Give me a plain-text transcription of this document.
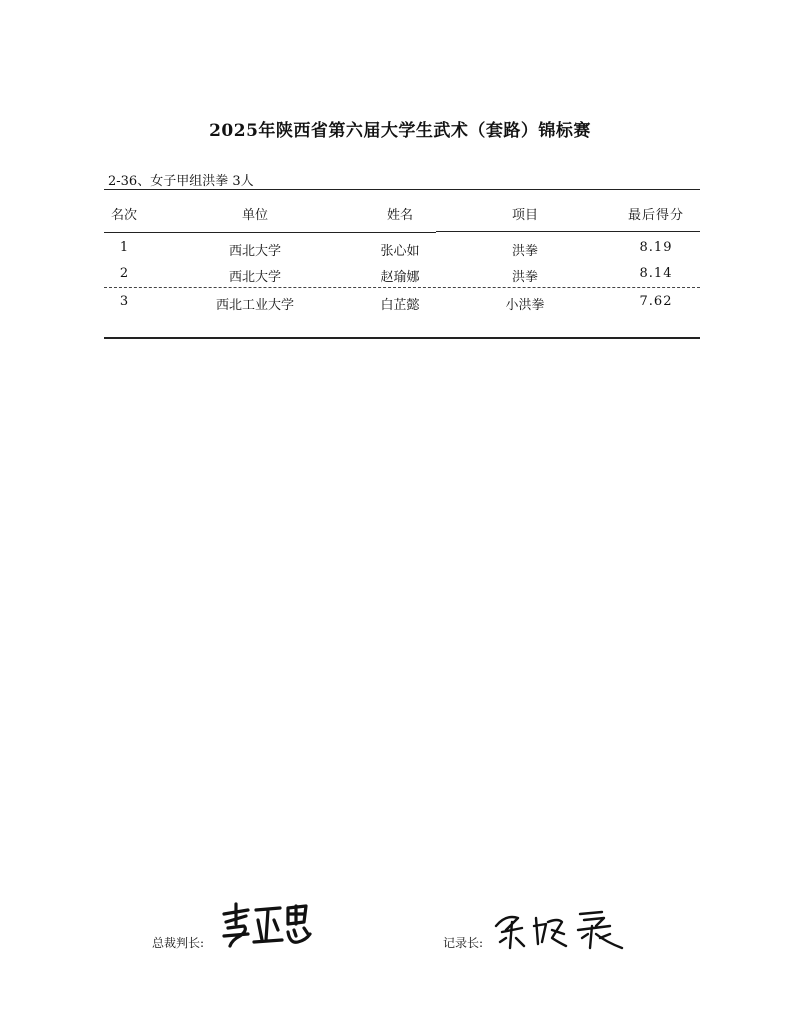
2025年陕西省第六届大学生武术（套路）锦标赛
2-36、女子甲组洪拳 3人
名次	单位	姓名	项目	最后得分
1	西北大学	张心如	洪拳	8.19
2	西北大学	赵瑜娜	洪拳	8.14
3	西北工业大学	白芷懿	小洪拳	7.62
总裁判长:	记录长:
